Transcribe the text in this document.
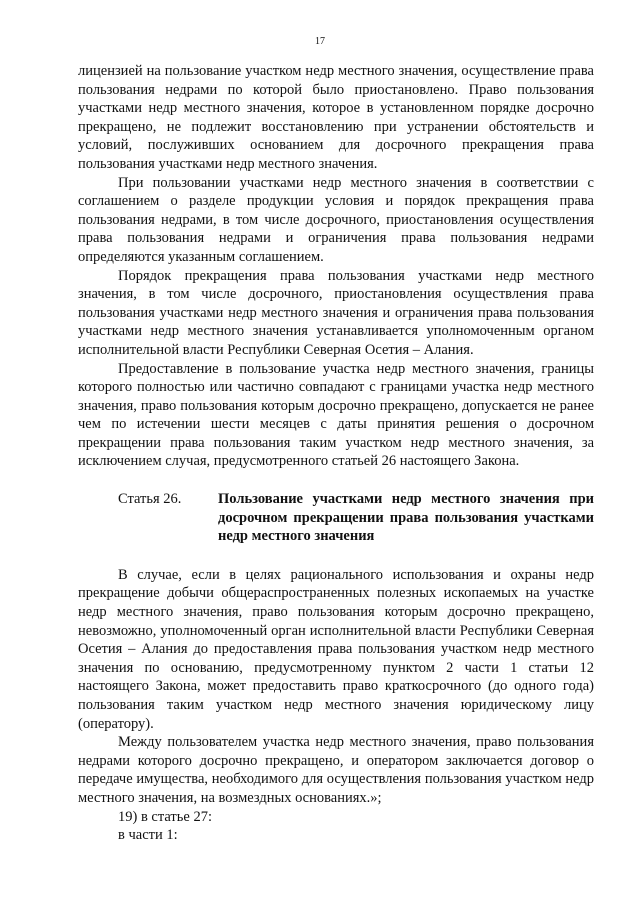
17

лицензией на пользование участком недр местного значения, осуществление права пользования недрами по которой было приостановлено. Право пользования участками недр местного значения, которое в установленном порядке досрочно прекращено, не подлежит восстановлению при устранении обстоятельств и условий, послуживших основанием для досрочного прекращения права пользования участками недр местного значения.

При пользовании участками недр местного значения в соответствии с соглашением о разделе продукции условия и порядок прекращения права пользования недрами, в том числе досрочного, приостановления осуществления права пользования недрами и ограничения права пользования недрами определяются указанным соглашением.

Порядок прекращения права пользования участками недр местного значения, в том числе досрочного, приостановления осуществления права пользования участками недр местного значения и ограничения права пользования участками недр местного значения устанавливается уполномоченным органом исполнительной власти Республики Северная Осетия – Алания.

Предоставление в пользование участка недр местного значения, границы которого полностью или частично совпадают с границами участка недр местного значения, право пользования которым досрочно прекращено, допускается не ранее чем по истечении шести месяцев с даты принятия решения о досрочном прекращении права пользования таким участком недр местного значения, за исключением случая, предусмотренного статьей 26 настоящего Закона.

Статья 26.	Пользование участками недр местного значения при досрочном прекращении права пользования участками недр местного значения

В случае, если в целях рационального использования и охраны недр прекращение добычи общераспространенных полезных ископаемых на участке недр местного значения, право пользования которым досрочно прекращено, невозможно, уполномоченный орган исполнительной власти Республики Северная Осетия – Алания до предоставления права пользования участком недр местного значения по основанию, предусмотренному пунктом 2 части 1 статьи 12 настоящего Закона, может предоставить право краткосрочного (до одного года) пользования таким участком недр местного значения юридическому лицу (оператору).

Между пользователем участка недр местного значения, право пользования недрами которого досрочно прекращено, и оператором заключается договор о передаче имущества, необходимого для осуществления пользования участком недр местного значения, на возмездных основаниях.»;

19) в статье 27:

в части 1:
